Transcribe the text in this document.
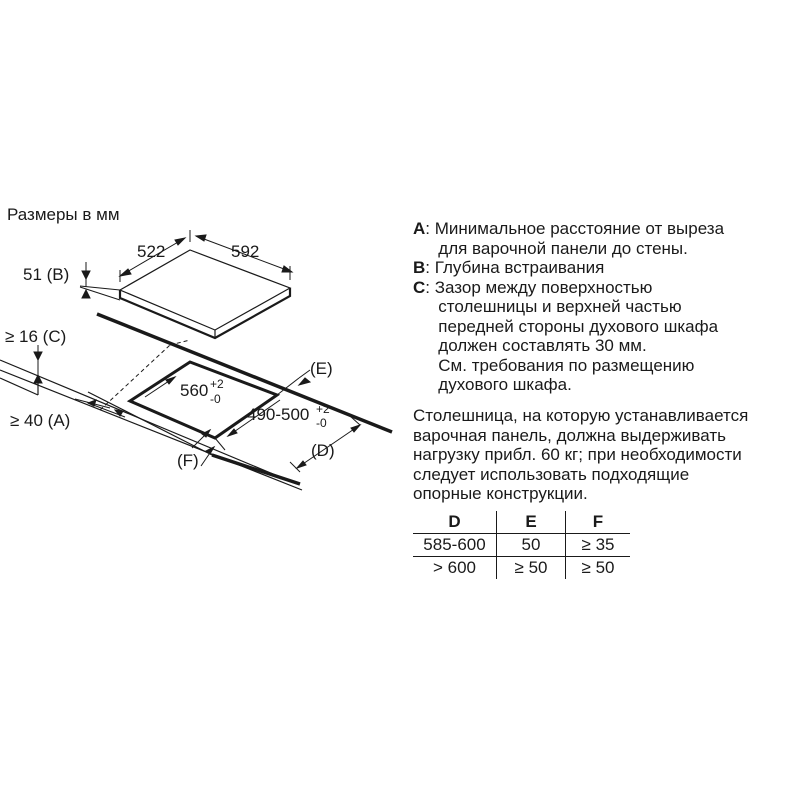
Размеры в мм
522	592
51 (B)
560 +2
-0
490-500 +2
-0
(E)
(D)
(F)
≥ 16 (C)
≥ 40 (A)
A : Минимальное расстояние от выреза
для варочной панели до стены.
B : Глубина встраивания
C : Зазор между поверхностью
столешницы и верхней частью
передней стороны духового шкафа
должен составлять 30 мм.
См. требования по размещению
духового шкафа.
Столешница, на которую устанавливается
варочная панель, должна выдерживать
нагрузку прибл. 60 кг; при необходимости
следует использовать подходящие
опорные конструкции.
D	E	F
585-600	50	≥ 35
> 600	≥ 50	≥ 50
